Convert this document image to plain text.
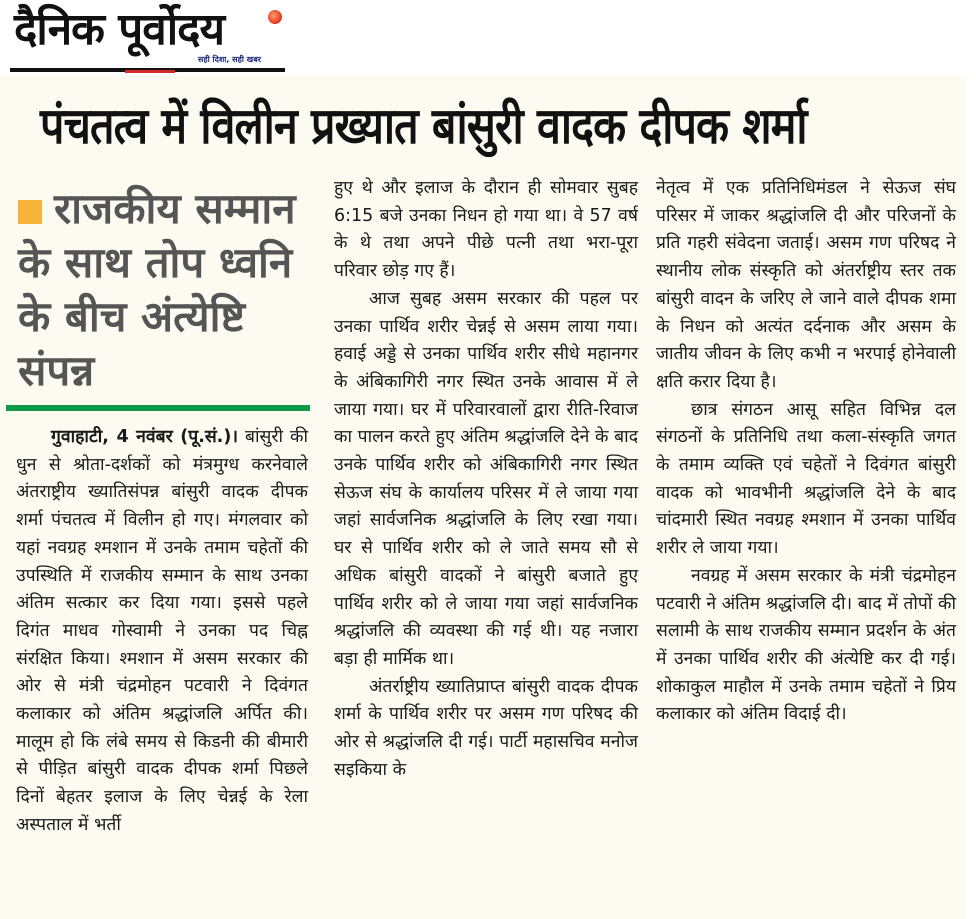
दैनिक पूर्वोदय
सही दिशा, सही खबर
पंचतत्व में विलीन प्रख्यात बांसुरी वादक दीपक शर्मा
राजकीय सम्मान के साथ तोप ध्वनि के बीच अंत्येष्टि संपन्न

गुवाहाटी, 4 नवंबर (पू.सं.)। बांसुरी की धुन से श्रोता-दर्शकों को मंत्रमुग्ध करनेवाले अंतराष्ट्रीय ख्यातिसंपन्न बांसुरी वादक दीपक शर्मा पंचतत्व में विलीन हो गए। मंगलवार को यहां नवग्रह श्मशान में उनके तमाम चहेतों की उपस्थिति में राजकीय सम्मान के साथ उनका अंतिम सत्कार कर दिया गया। इससे पहले दिगंत माधव गोस्वामी ने उनका पद चिह्न संरक्षित किया। श्मशान में असम सरकार की ओर से मंत्री चंद्रमोहन पटवारी ने दिवंगत कलाकार को अंतिम श्रद्धांजलि अर्पित की। मालूम हो कि लंबे समय से किडनी की बीमारी से पीड़ित बांसुरी वादक दीपक शर्मा पिछले दिनों बेहतर इलाज के लिए चेन्नई के रेला अस्पताल में भर्ती

हुए थे और इलाज के दौरान ही सोमवार सुबह 6:15 बजे उनका निधन हो गया था। वे 57 वर्ष के थे तथा अपने पीछे पत्नी तथा भरा-पूरा परिवार छोड़ गए हैं।

आज सुबह असम सरकार की पहल पर उनका पार्थिव शरीर चेन्नई से असम लाया गया। हवाई अड्डे से उनका पार्थिव शरीर सीधे महानगर के अंबिकागिरी नगर स्थित उनके आवास में ले जाया गया। घर में परिवारवालों द्वारा रीति-रिवाज का पालन करते हुए अंतिम श्रद्धांजलि देने के बाद उनके पार्थिव शरीर को अंबिकागिरी नगर स्थित सेऊज संघ के कार्यालय परिसर में ले जाया गया जहां सार्वजनिक श्रद्धांजलि के लिए रखा गया। घर से पार्थिव शरीर को ले जाते समय सौ से अधिक बांसुरी वादकों ने बांसुरी बजाते हुए पार्थिव शरीर को ले जाया गया जहां सार्वजनिक श्रद्धांजलि की व्यवस्था की गई थी। यह नजारा बड़ा ही मार्मिक था।

अंतर्राष्ट्रीय ख्यातिप्राप्त बांसुरी वादक दीपक शर्मा के पार्थिव शरीर पर असम गण परिषद की ओर से श्रद्धांजलि दी गई। पार्टी महासचिव मनोज सइकिया के

नेतृत्व में एक प्रतिनिधिमंडल ने सेऊज संघ परिसर में जाकर श्रद्धांजलि दी और परिजनों के प्रति गहरी संवेदना जताई। असम गण परिषद ने स्थानीय लोक संस्कृति को अंतर्राष्ट्रीय स्तर तक बांसुरी वादन के जरिए ले जाने वाले दीपक शमा के निधन को अत्यंत दर्दनाक और असम के जातीय जीवन के लिए कभी न भरपाई होनेवाली क्षति करार दिया है।

छात्र संगठन आसू सहित विभिन्न दल संगठनों के प्रतिनिधि तथा कला-संस्कृति जगत के तमाम व्यक्ति एवं चहेतों ने दिवंगत बांसुरी वादक को भावभीनी श्रद्धांजलि देने के बाद चांदमारी स्थित नवग्रह श्मशान में उनका पार्थिव शरीर ले जाया गया।

नवग्रह में असम सरकार के मंत्री चंद्रमोहन पटवारी ने अंतिम श्रद्धांजलि दी। बाद में तोपों की सलामी के साथ राजकीय सम्मान प्रदर्शन के अंत में उनका पार्थिव शरीर की अंत्येष्टि कर दी गई। शोकाकुल माहौल में उनके तमाम चहेतों ने प्रिय कलाकार को अंतिम विदाई दी।
